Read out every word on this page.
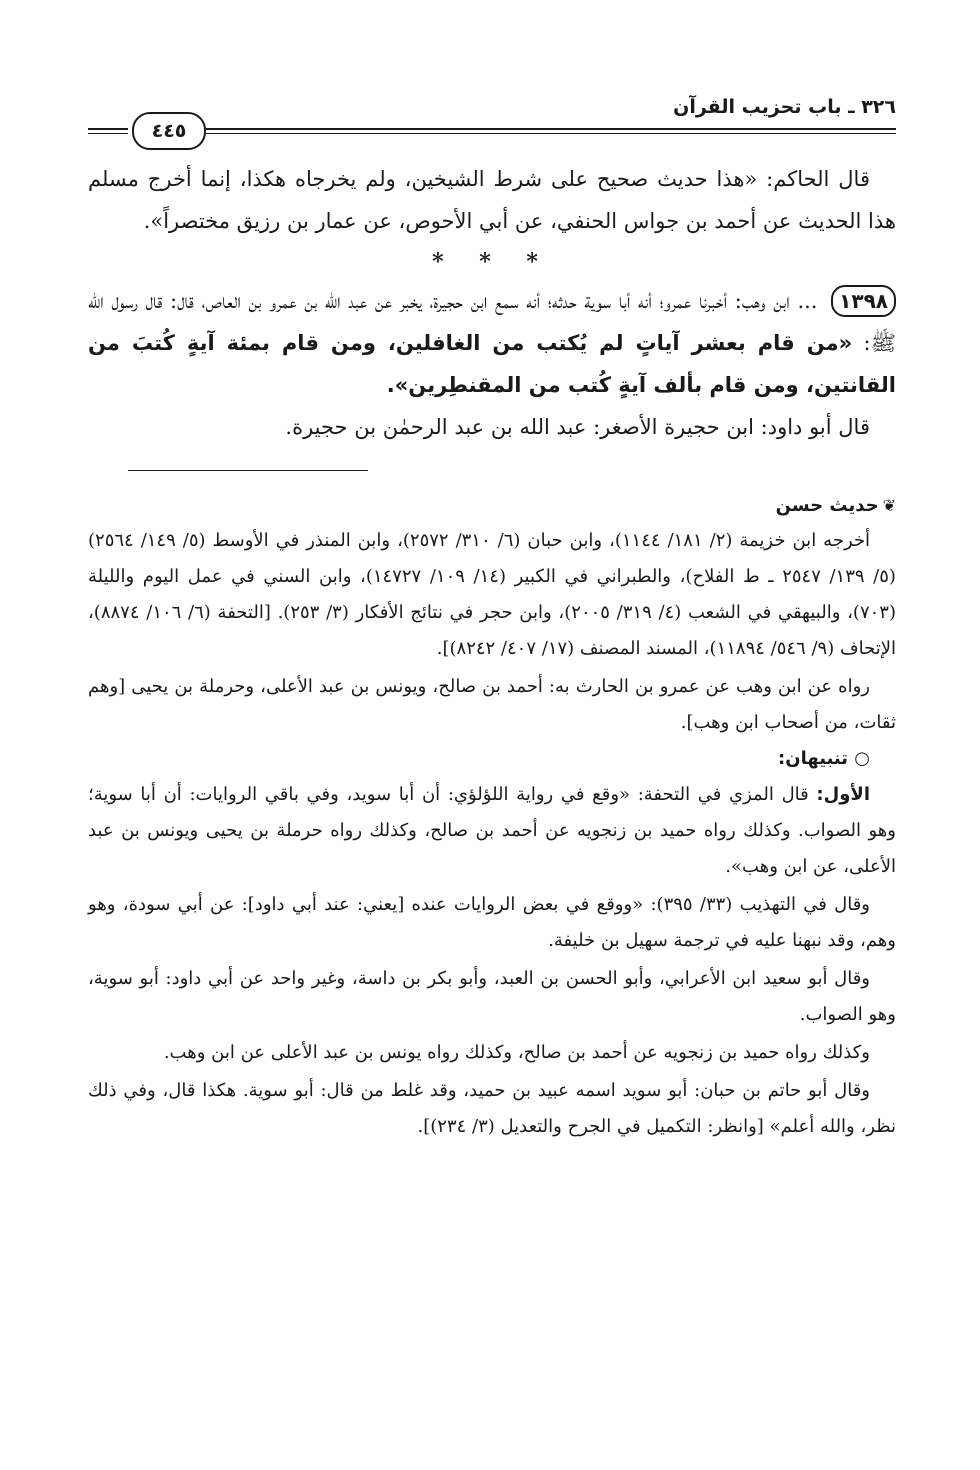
٣٢٦ ـ باب تحزيب القرآن
٤٤٥

قال الحاكم: «هذا حديث صحيح على شرط الشيخين، ولم يخرجاه هكذا، إنما أخرج مسلم هذا الحديث عن أحمد بن جواس الحنفي، عن أبي الأحوص، عن عمار بن رزيق مختصراً».

* * *

١٣٩٨ ... ابن وهب: أخبرنا عمرو؛ أنه أبا سوية حدثه؛ أنه سمع ابن حجيرة، يخبر عن عبد الله بن عمرو بن العاص، قال: قال رسول الله ﷺ: «من قام بعشر آياتٍ لم يُكتب من الغافلين، ومن قام بمئة آيةٍ كُتبَ من القانتين، ومن قام بألف آيةٍ كُتب من المقنطِرين».

قال أبو داود: ابن حجيرة الأصغر: عبد الله بن عبد الرحمٰن بن حجيرة.

❦حديث حسن

أخرجه ابن خزيمة (٢/ ١٨١/ ١١٤٤)، وابن حبان (٦/ ٣١٠/ ٢٥٧٢)، وابن المنذر في الأوسط (٥/ ١٤٩/ ٢٥٦٤) (٥/ ١٣٩/ ٢٥٤٧ ـ ط الفلاح)، والطبراني في الكبير (١٤/ ١٠٩/ ١٤٧٢٧)، وابن السني في عمل اليوم والليلة (٧٠٣)، والبيهقي في الشعب (٤/ ٣١٩/ ٢٠٠٥)، وابن حجر في نتائج الأفكار (٣/ ٢٥٣). [التحفة (٦/ ١٠٦/ ٨٨٧٤)، الإتحاف (٩/ ٥٤٦/ ١١٨٩٤)، المسند المصنف (١٧/ ٤٠٧/ ٨٢٤٢)].

رواه عن ابن وهب عن عمرو بن الحارث به: أحمد بن صالح، ويونس بن عبد الأعلى، وحرملة بن يحيى [وهم ثقات، من أصحاب ابن وهب].

○ تنبيهان:

الأول: قال المزي في التحفة: «وقع في رواية اللؤلؤي: أن أبا سويد، وفي باقي الروايات: أن أبا سوية؛ وهو الصواب. وكذلك رواه حميد بن زنجويه عن أحمد بن صالح، وكذلك رواه حرملة بن يحيى ويونس بن عبد الأعلى، عن ابن وهب».

وقال في التهذيب (٣٣/ ٣٩٥): «ووقع في بعض الروايات عنده [يعني: عند أبي داود]: عن أبي سودة، وهو وهم، وقد نبهنا عليه في ترجمة سهيل بن خليفة.

وقال أبو سعيد ابن الأعرابي، وأبو الحسن بن العبد، وأبو بكر بن داسة، وغير واحد عن أبي داود: أبو سوية، وهو الصواب.

وكذلك رواه حميد بن زنجويه عن أحمد بن صالح، وكذلك رواه يونس بن عبد الأعلى عن ابن وهب.

وقال أبو حاتم بن حبان: أبو سويد اسمه عبيد بن حميد، وقد غلط من قال: أبو سوية. هكذا قال، وفي ذلك نظر، والله أعلم» [وانظر: التكميل في الجرح والتعديل (٣/ ٢٣٤)].
